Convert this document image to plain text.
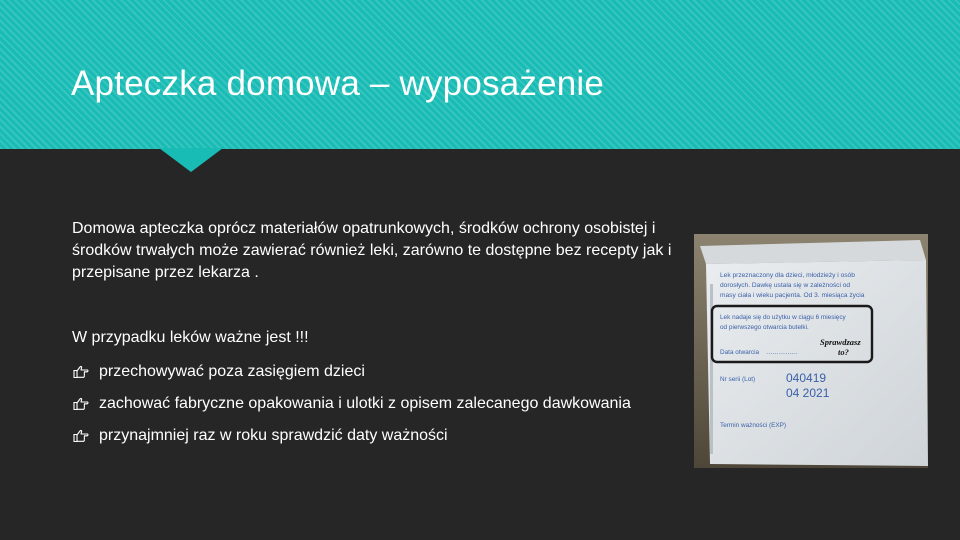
Apteczka domowa – wyposażenie

Domowa apteczka oprócz materiałów opatrunkowych, środków ochrony osobistej i środków trwałych może zawierać również leki, zarówno te dostępne bez recepty jak i przepisane przez lekarza .

W przypadku leków ważne jest !!!

przechowywać poza zasięgiem dzieci
zachować fabryczne opakowania i ulotki z opisem zalecanego dawkowania
przynajmniej raz w roku sprawdzić daty ważności
Lek przeznaczony dla dzieci, młodzieży i osób
dorosłych. Dawkę ustala się w zależności od
masy ciała i wieku pacjenta. Od 3. miesiąca życia
Lek nadaje się do użytku w ciągu 6 miesięcy
od pierwszego otwarcia butelki.
Data otwarcia ……………
Sprawdzasz
to?
Nr serii (Lot)	040419
04 2021
Termin ważności (EXP)
